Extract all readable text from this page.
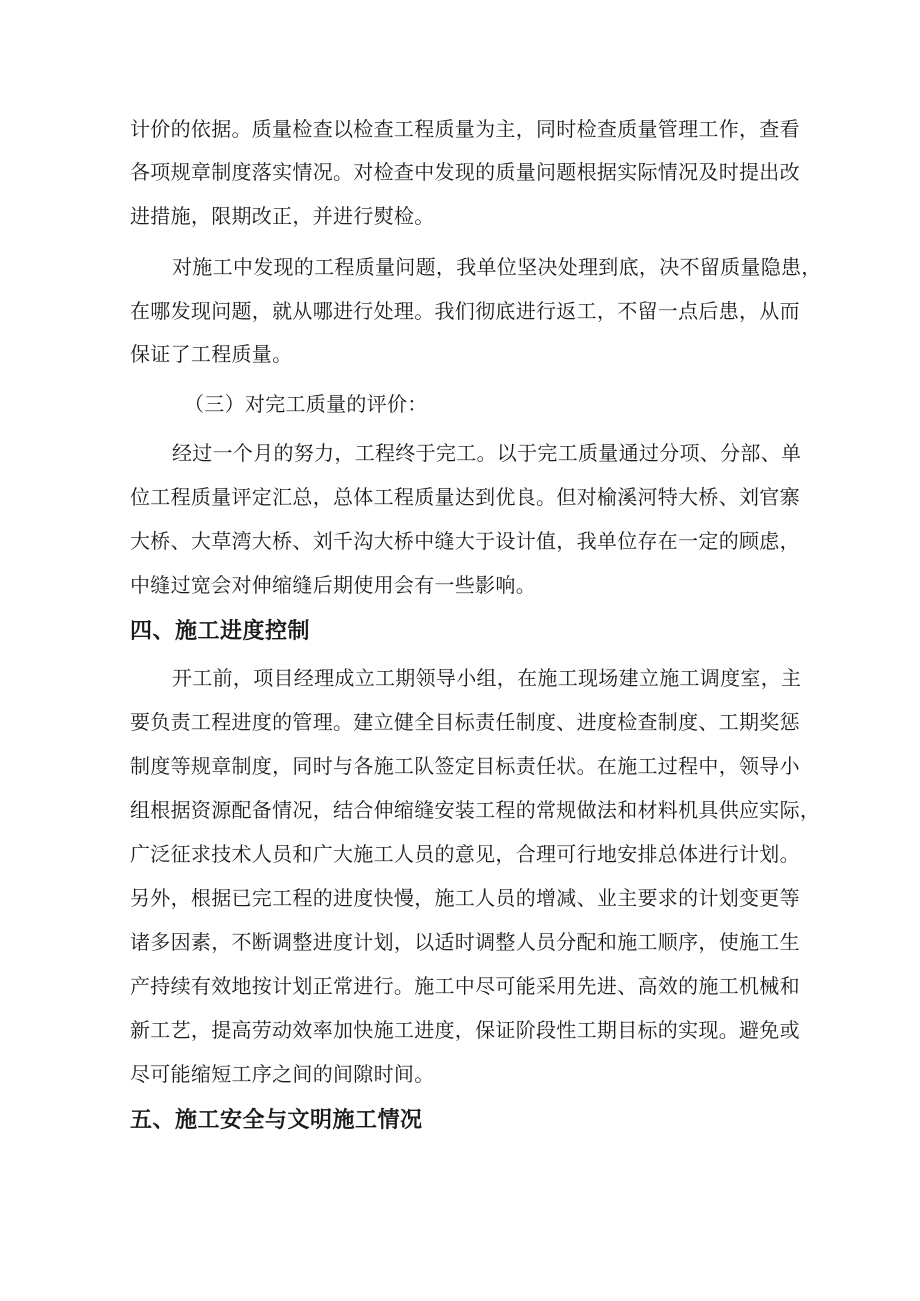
计价的依据。质量检查以检查工程质量为主，同时检查质量管理工作，查看
各项规章制度落实情况。对检查中发现的质量问题根据实际情况及时提出改
进措施，限期改正，并进行熨检。
对施工中发现的工程质量问题，我单位坚决处理到底，决不留质量隐患，
在哪发现问题，就从哪进行处理。我们彻底进行返工，不留一点后患，从而
保证了工程质量。
（三）对完工质量的评价：
经过一个月的努力，工程终于完工。以于完工质量通过分项、分部、单
位工程质量评定汇总，总体工程质量达到优良。但对榆溪河特大桥、刘官寨
大桥、大草湾大桥、刘千沟大桥中缝大于设计值，我单位存在一定的顾虑，
中缝过宽会对伸缩缝后期使用会有一些影响。
四、施工进度控制
开工前，项目经理成立工期领导小组，在施工现场建立施工调度室，主
要负责工程进度的管理。建立健全目标责任制度、进度检查制度、工期奖惩
制度等规章制度，同时与各施工队签定目标责任状。在施工过程中，领导小
组根据资源配备情况，结合伸缩缝安装工程的常规做法和材料机具供应实际，
广泛征求技术人员和广大施工人员的意见，合理可行地安排总体进行计划。
另外，根据已完工程的进度快慢，施工人员的增减、业主要求的计划变更等
诸多因素，不断调整进度计划，以适时调整人员分配和施工顺序，使施工生
产持续有效地按计划正常进行。施工中尽可能采用先进、高效的施工机械和
新工艺，提高劳动效率加快施工进度，保证阶段性工期目标的实现。避免或
尽可能缩短工序之间的间隙时间。
五、施工安全与文明施工情况
